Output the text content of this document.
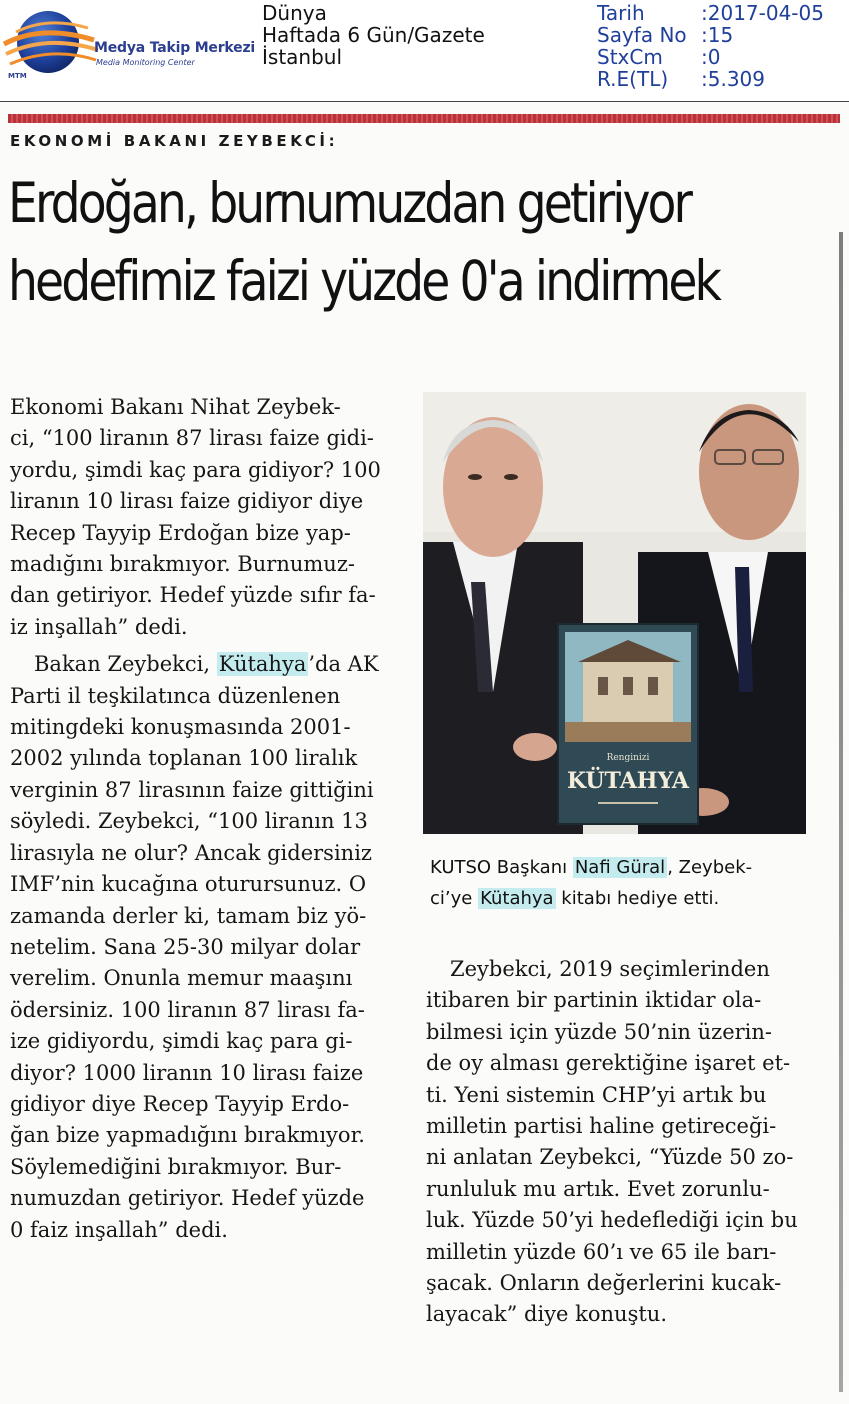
Medya Takip Merkezi
Media Monitoring Center
MTM
Dünya
Haftada 6 Gün/Gazete
İstanbul
Tarih	:2017-04-05
Sayfa No :15
StxCm	:0
R.E(TL)	:5.309
EKONOMİ BAKANI ZEYBEKCİ:
Erdoğan, burnumuzdan getiriyor
hedefimiz faizi yüzde 0'a indirmek

Ekonomi Bakanı Nihat Zeybek-
ci, “100 liranın 87 lirası faize gidi-
yordu, şimdi kaç para gidiyor? 100
liranın 10 lirası faize gidiyor diye
Recep Tayyip Erdoğan bize yap-
madığını bırakmıyor. Burnumuz-
dan getiriyor. Hedef yüzde sıfır fa-
iz inşallah” dedi.

Bakan Zeybekci, Kütahya’da AK
Parti il teşkilatınca düzenlenen
mitingdeki konuşmasında 2001-
2002 yılında toplanan 100 liralık
verginin 87 lirasının faize gittiğini
söyledi. Zeybekci, “100 liranın 13
lirasıyla ne olur? Ancak gidersiniz
IMF’nin kucağına oturursunuz. O
zamanda derler ki, tamam biz yö-
netelim. Sana 25-30 milyar dolar
verelim. Onunla memur maaşını
ödersiniz. 100 liranın 87 lirası fa-
ize gidiyordu, şimdi kaç para gi-
diyor? 1000 liranın 10 lirası faize
gidiyor diye Recep Tayyip Erdo-
ğan bize yapmadığını bırakmıyor.
Söylemediğini bırakmıyor. Bur-
numuzdan getiriyor. Hedef yüzde
0 faiz inşallah” dedi.

Renginizi
KÜTAHYA
KUTSO Başkanı Nafi Güral , Zeybek-
ci’ye Kütahya kitabı hediye etti.
Zeybekci, 2019 seçimlerinden
itibaren bir partinin iktidar ola-
bilmesi için yüzde 50’nin üzerin-
de oy alması gerektiğine işaret et-
ti. Yeni sistemin CHP’yi artık bu
milletin partisi haline getireceği-
ni anlatan Zeybekci, “Yüzde 50 zo-
runluluk mu artık. Evet zorunlu-
luk. Yüzde 50’yi hedeflediği için bu
milletin yüzde 60’ı ve 65 ile barı-
şacak. Onların değerlerini kucak-
layacak” diye konuştu.
